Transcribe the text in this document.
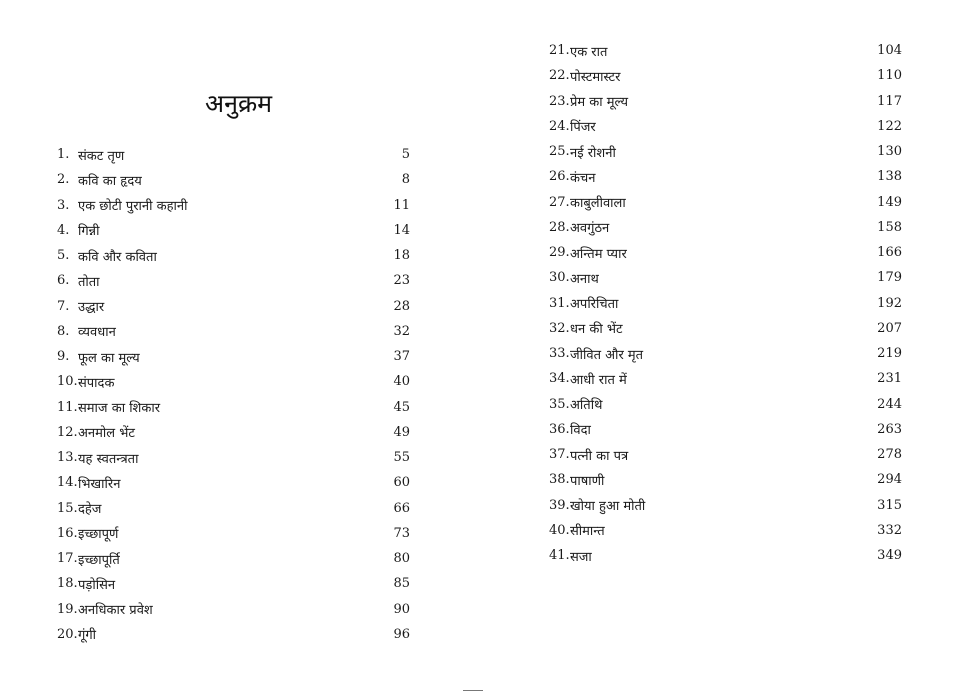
अनुक्रम
1. संकट तृण	5
2. कवि का हृदय	8
3. एक छोटी पुरानी कहानी	11
4. गिन्नी	14
5. कवि और कविता	18
6. तोता	23
7. उद्धार	28
8. व्यवधान	32
9. फूल का मूल्य	37
10. संपादक	40
11. समाज का शिकार	45
12. अनमोल भेंट	49
13. यह स्वतन्त्रता	55
14. भिखारिन	60
15. दहेज	66
16. इच्छापूर्ण	73
17. इच्छापूर्ति	80
18. पड़ोसिन	85
19. अनधिकार प्रवेश	90
20. गूंगी	96
21. एक रात	104
22. पोस्टमास्टर	110
23. प्रेम का मूल्य	117
24. पिंजर	122
25. नई रोशनी	130
26. कंचन	138
27. काबुलीवाला	149
28. अवगुंठन	158
29. अन्तिम प्यार	166
30. अनाथ	179
31. अपरिचिता	192
32. धन की भेंट	207
33. जीवित और मृत	219
34. आधी रात में	231
35. अतिथि	244
36. विदा	263
37. पत्नी का पत्र	278
38. पाषाणी	294
39. खोया हुआ मोती	315
40. सीमान्त	332
41. सजा	349
